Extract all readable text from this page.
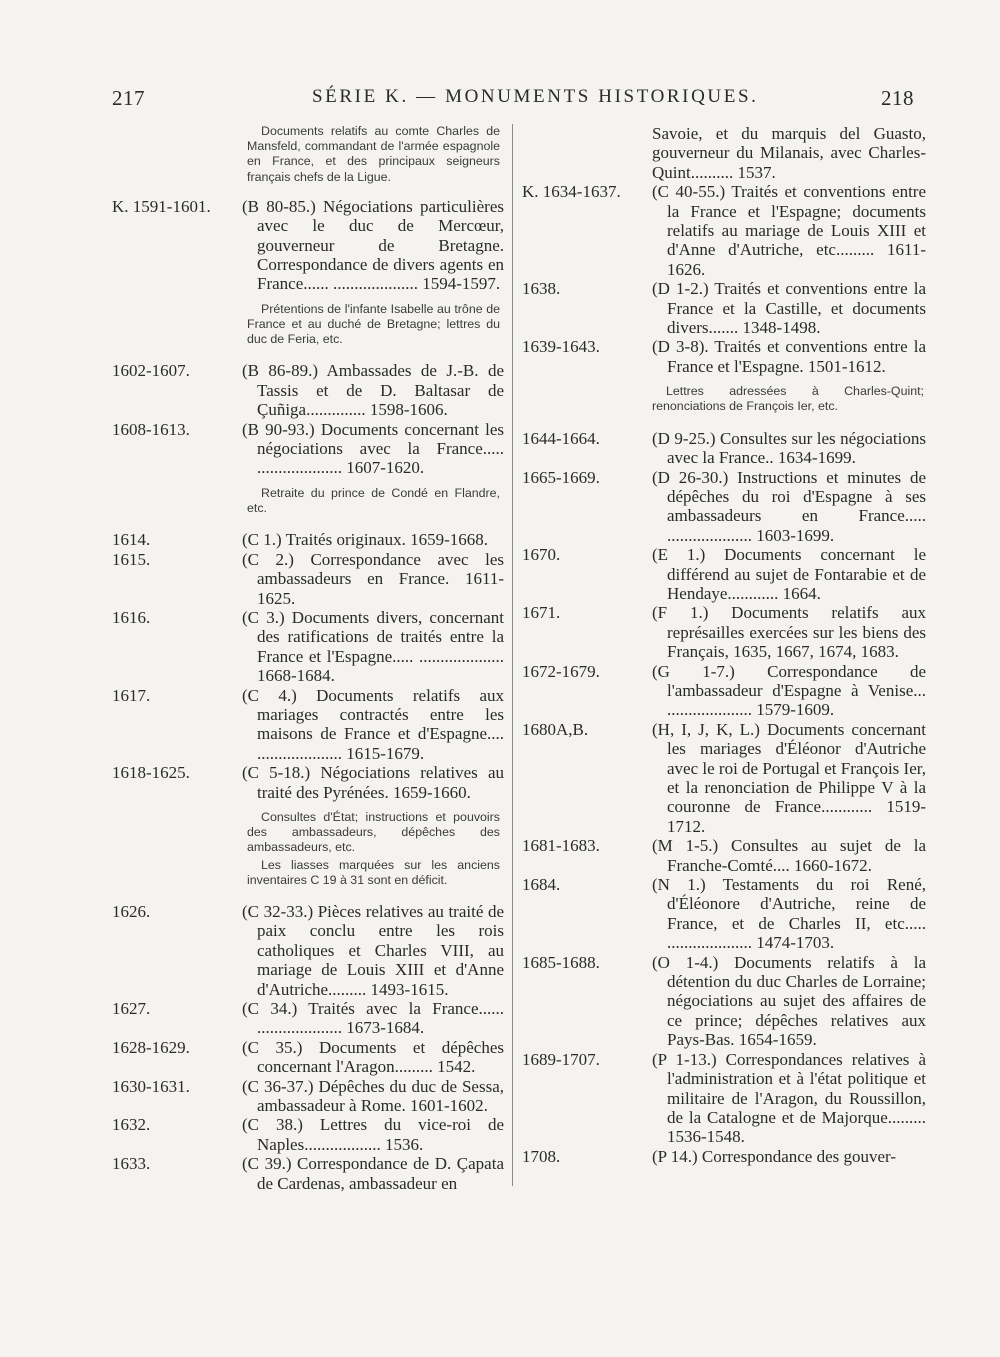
217	SÉRIE K. — MONUMENTS HISTORIQUES.	218
Documents relatifs au comte Charles de Mansfeld, commandant de l'armée espagnole en France, et des principaux seigneurs français chefs de la Ligue.
K. 1591-1601.	(B 80-85.) Négociations particulières avec le duc de Mercœur, gouverneur de Bretagne. Correspondance de divers agents en France...... .................... 1594-1597.
Prétentions de l'infante Isabelle au trône de France et au duché de Bretagne; lettres du duc de Feria, etc.
1602-1607.	(B 86-89.) Ambassades de J.-B. de Tassis et de D. Baltasar de Çuñiga.............. 1598-1606.
1608-1613.	(B 90-93.) Documents concernant les négociations avec la France..... .................... 1607-1620.
Retraite du prince de Condé en Flandre, etc.
1614.	(C 1.) Traités originaux. 1659-1668.
1615.	(C 2.) Correspondance avec les ambassadeurs en France. 1611-1625.
1616.	(C 3.) Documents divers, concernant des ratifications de traités entre la France et l'Espagne..... .................... 1668-1684.
1617.	(C 4.) Documents relatifs aux mariages contractés entre les maisons de France et d'Espagne.... .................... 1615-1679.
1618-1625.	(C 5-18.) Négociations relatives au traité des Pyrénées. 1659-1660.
Consultes d'État; instructions et pouvoirs des ambassadeurs, dépêches des ambassadeurs, etc.
Les liasses marquées sur les anciens inventaires C 19 à 31 sont en déficit.
1626.	(C 32-33.) Pièces relatives au traité de paix conclu entre les rois catholiques et Charles VIII, au mariage de Louis XIII et d'Anne d'Autriche......... 1493-1615.
1627.	(C 34.) Traités avec la France...... .................... 1673-1684.
1628-1629.	(C 35.) Documents et dépêches concernant l'Aragon......... 1542.
1630-1631.	(C 36-37.) Dépêches du duc de Sessa, ambassadeur à Rome. 1601-1602.
1632.	(C 38.) Lettres du vice-roi de Naples.................. 1536.
1633.	(C 39.) Correspondance de D. Çapata de Cardenas, ambassadeur en
Savoie, et du marquis del Guasto, gouverneur du Milanais, avec Charles-Quint.......... 1537.
K. 1634-1637.	(C 40-55.) Traités et conventions entre la France et l'Espagne; documents relatifs au mariage de Louis XIII et d'Anne d'Autriche, etc......... 1611-1626.
1638.	(D 1-2.) Traités et conventions entre la France et la Castille, et documents divers....... 1348-1498.
1639-1643.	(D 3-8). Traités et conventions entre la France et l'Espagne. 1501-1612.
Lettres adressées à Charles-Quint; renonciations de François Ier, etc.
1644-1664.	(D 9-25.) Consultes sur les négociations avec la France.. 1634-1699.
1665-1669.	(D 26-30.) Instructions et minutes de dépêches du roi d'Espagne à ses ambassadeurs en France..... .................... 1603-1699.
1670.	(E 1.) Documents concernant le différend au sujet de Fontarabie et de Hendaye............ 1664.
1671.	(F 1.) Documents relatifs aux représailles exercées sur les biens des Français, 1635, 1667, 1674, 1683.
1672-1679.	(G 1-7.) Correspondance de l'ambassadeur d'Espagne à Venise... .................... 1579-1609.
1680A,B.	(H, I, J, K, L.) Documents concernant les mariages d'Éléonor d'Autriche avec le roi de Portugal et François Ier, et la renonciation de Philippe V à la couronne de France............ 1519-1712.
1681-1683.	(M 1-5.) Consultes au sujet de la Franche-Comté.... 1660-1672.
1684.	(N 1.) Testaments du roi René, d'Éléonore d'Autriche, reine de France, et de Charles II, etc..... .................... 1474-1703.
1685-1688.	(O 1-4.) Documents relatifs à la détention du duc Charles de Lorraine; négociations au sujet des affaires de ce prince; dépêches relatives aux Pays-Bas. 1654-1659.
1689-1707.	(P 1-13.) Correspondances relatives à l'administration et à l'état politique et militaire de l'Aragon, du Roussillon, de la Catalogne et de Majorque......... 1536-1548.
1708.	(P 14.) Correspondance des gouver-
